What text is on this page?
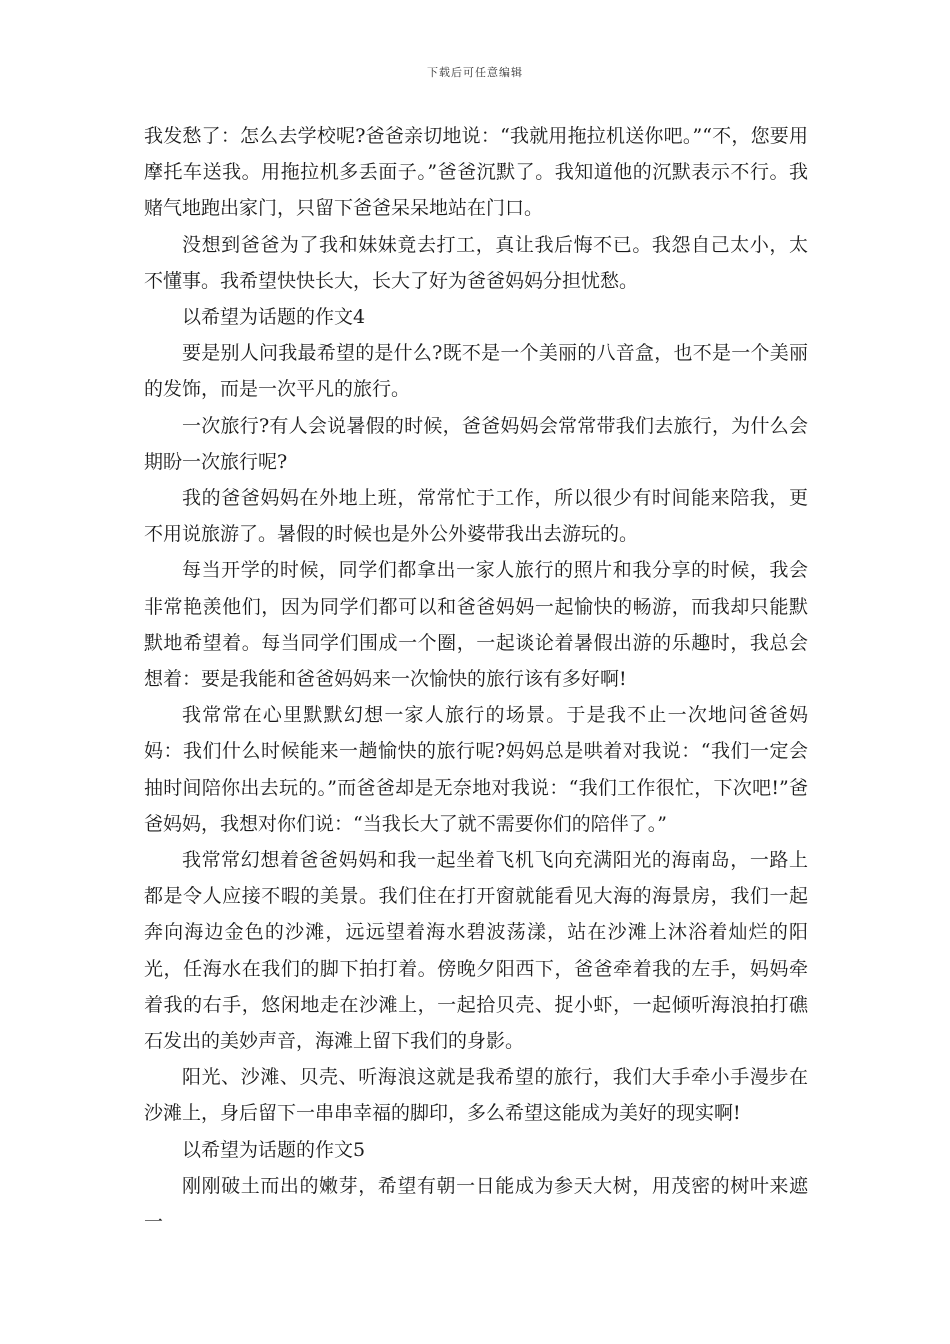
下载后可任意编辑

我发愁了：怎么去学校呢?爸爸亲切地说：“我就用拖拉机送你吧。”“不，您要用摩托车送我。用拖拉机多丢面子。”爸爸沉默了。我知道他的沉默表示不行。我赌气地跑出家门，只留下爸爸呆呆地站在门口。

没想到爸爸为了我和妹妹竟去打工，真让我后悔不已。我怨自己太小，太不懂事。我希望快快长大，长大了好为爸爸妈妈分担忧愁。

以希望为话题的作文4

要是别人问我最希望的是什么?既不是一个美丽的八音盒，也不是一个美丽的发饰，而是一次平凡的旅行。

一次旅行?有人会说暑假的时候，爸爸妈妈会常常带我们去旅行，为什么会期盼一次旅行呢?

我的爸爸妈妈在外地上班，常常忙于工作，所以很少有时间能来陪我，更不用说旅游了。暑假的时候也是外公外婆带我出去游玩的。

每当开学的时候，同学们都拿出一家人旅行的照片和我分享的时候，我会非常艳羡他们，因为同学们都可以和爸爸妈妈一起愉快的畅游，而我却只能默默地希望着。每当同学们围成一个圈，一起谈论着暑假出游的乐趣时，我总会想着：要是我能和爸爸妈妈来一次愉快的旅行该有多好啊!

我常常在心里默默幻想一家人旅行的场景。于是我不止一次地问爸爸妈妈：我们什么时候能来一趟愉快的旅行呢?妈妈总是哄着对我说：“我们一定会抽时间陪你出去玩的。”而爸爸却是无奈地对我说：“我们工作很忙，下次吧!”爸爸妈妈，我想对你们说：“当我长大了就不需要你们的陪伴了。”

我常常幻想着爸爸妈妈和我一起坐着飞机飞向充满阳光的海南岛，一路上都是令人应接不暇的美景。我们住在打开窗就能看见大海的海景房，我们一起奔向海边金色的沙滩，远远望着海水碧波荡漾，站在沙滩上沐浴着灿烂的阳光，任海水在我们的脚下拍打着。傍晚夕阳西下，爸爸牵着我的左手，妈妈牵着我的右手，悠闲地走在沙滩上，一起拾贝壳、捉小虾，一起倾听海浪拍打礁石发出的美妙声音，海滩上留下我们的身影。

阳光、沙滩、贝壳、听海浪这就是我希望的旅行，我们大手牵小手漫步在沙滩上，身后留下一串串幸福的脚印，多么希望这能成为美好的现实啊!

以希望为话题的作文5

刚刚破土而出的嫩芽，希望有朝一日能成为参天大树，用茂密的树叶来遮一
